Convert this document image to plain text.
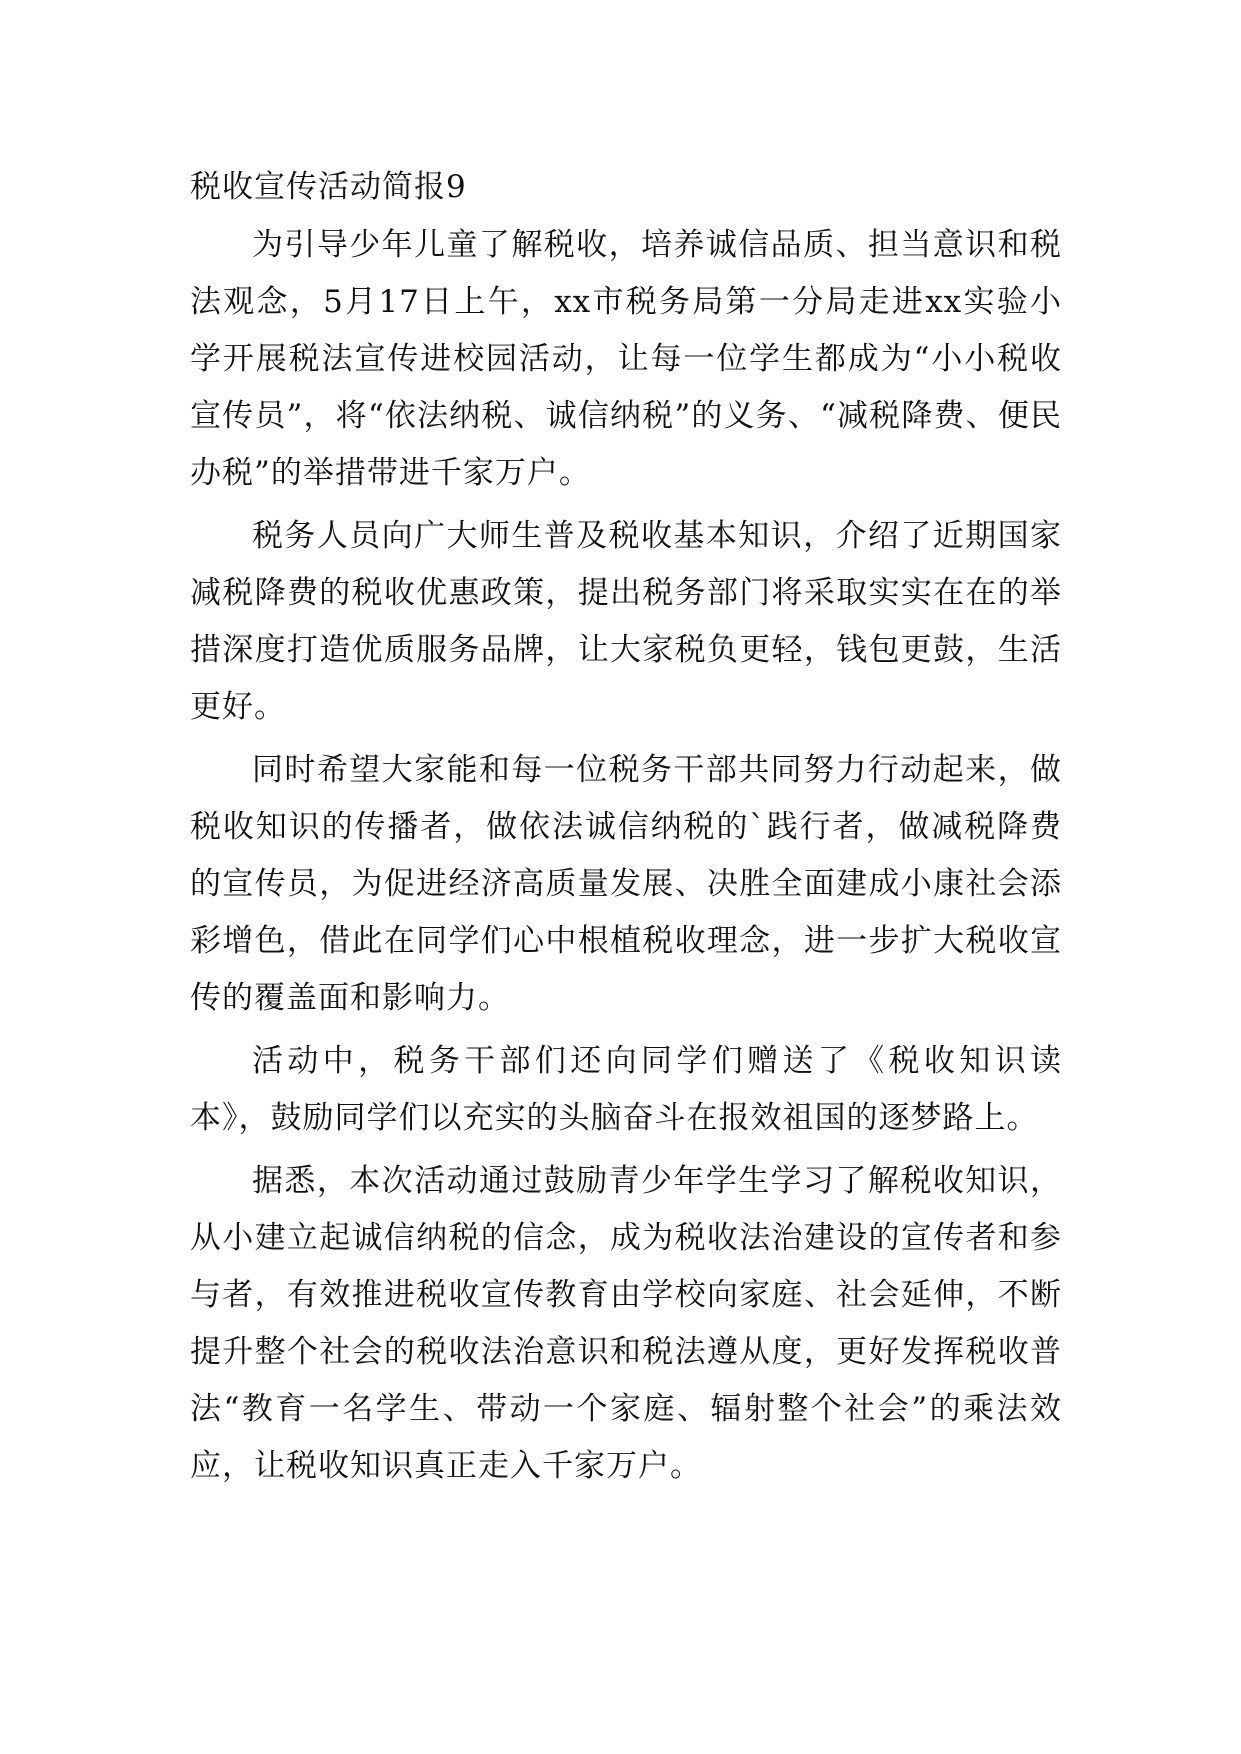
税收宣传活动简报9

为引导少年儿童了解税收，培养诚信品质、担当意识和税法观念，5月17日上午，xx市税务局第一分局走进xx实验小学开展税法宣传进校园活动，让每一位学生都成为“小小税收宣传员”，将“依法纳税、诚信纳税”的义务、“减税降费、便民办税”的举措带进千家万户。

税务人员向广大师生普及税收基本知识，介绍了近期国家减税降费的税收优惠政策，提出税务部门将采取实实在在的举措深度打造优质服务品牌，让大家税负更轻，钱包更鼓，生活更好。

同时希望大家能和每一位税务干部共同努力行动起来，做税收知识的传播者，做依法诚信纳税的`践行者，做减税降费的宣传员，为促进经济高质量发展、决胜全面建成小康社会添彩增色，借此在同学们心中根植税收理念，进一步扩大税收宣传的覆盖面和影响力。

活动中，税务干部们还向同学们赠送了《税收知识读本》，鼓励同学们以充实的头脑奋斗在报效祖国的逐梦路上。

据悉，本次活动通过鼓励青少年学生学习了解税收知识，从小建立起诚信纳税的信念，成为税收法治建设的宣传者和参与者，有效推进税收宣传教育由学校向家庭、社会延伸，不断提升整个社会的税收法治意识和税法遵从度，更好发挥税收普法“教育一名学生、带动一个家庭、辐射整个社会”的乘法效应，让税收知识真正走入千家万户。
